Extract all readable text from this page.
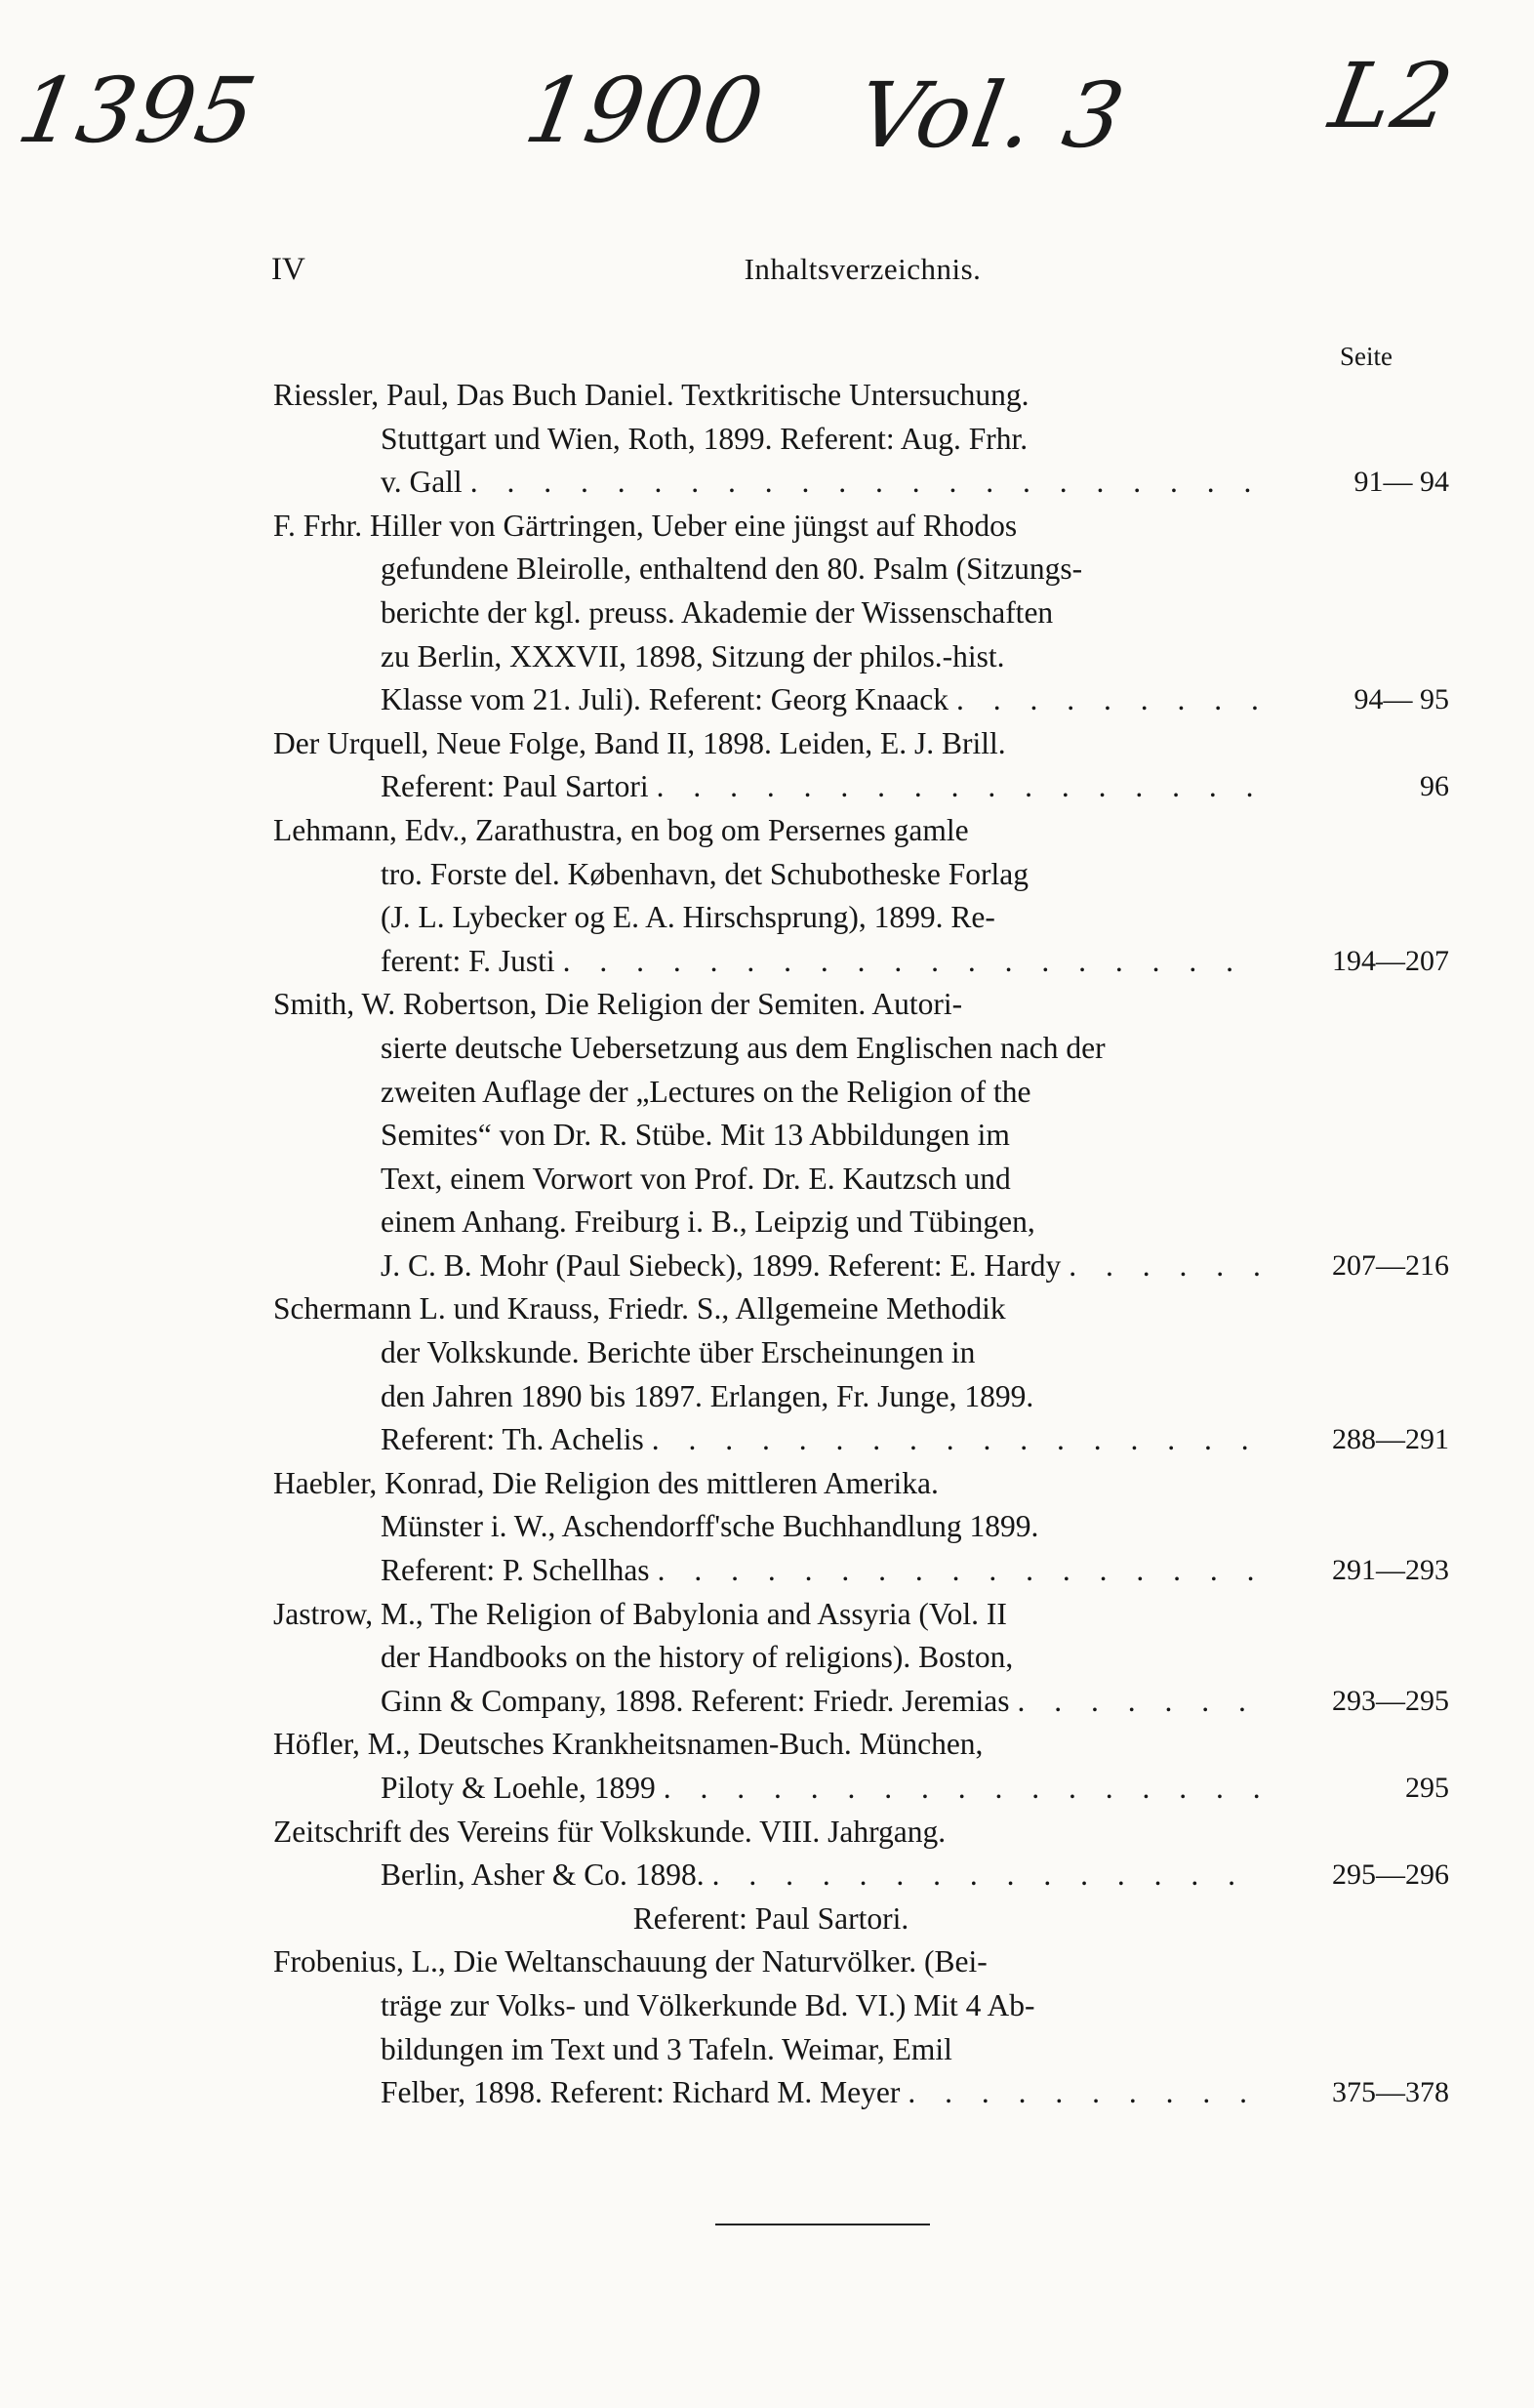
1395	1900 Vol. 3 L2
IV	Inhaltsverzeichnis.
Seite
Riessler, Paul, Das Buch Daniel. Textkritische Untersuchung.
Stuttgart und Wien, Roth, 1899. Referent: Aug. Frhr.
v. Gall . . .	91— 94
F. Frhr. Hiller von Gärtringen, Ueber eine jüngst auf Rhodos
gefundene Bleirolle, enthaltend den 80. Psalm (Sitzungs-
berichte der kgl. preuss. Akademie der Wissenschaften
zu Berlin, XXXVII, 1898, Sitzung der philos.-hist.
Klasse vom 21. Juli). Referent: Georg Knaack . . .	94— 95
Der Urquell, Neue Folge, Band II, 1898. Leiden, E. J. Brill.
Referent: Paul Sartori . . .	96
Lehmann, Edv., Zarathustra, en bog om Persernes gamle
tro. Forste del. København, det Schubotheske Forlag
(J. L. Lybecker og E. A. Hirschsprung), 1899. Re-
ferent: F. Justi . . .	194—207
Smith, W. Robertson, Die Religion der Semiten. Autori-
sierte deutsche Uebersetzung aus dem Englischen nach der
zweiten Auflage der „Lectures on the Religion of the
Semites“ von Dr. R. Stübe. Mit 13 Abbildungen im
Text, einem Vorwort von Prof. Dr. E. Kautzsch und
einem Anhang. Freiburg i. B., Leipzig und Tübingen,
J. C. B. Mohr (Paul Siebeck), 1899. Referent: E. Hardy . . .	207—216
Schermann L. und Krauss, Friedr. S., Allgemeine Methodik
der Volkskunde. Berichte über Erscheinungen in
den Jahren 1890 bis 1897. Erlangen, Fr. Junge, 1899.
Referent: Th. Achelis . . .	288—291
Haebler, Konrad, Die Religion des mittleren Amerika.
Münster i. W., Aschendorff'sche Buchhandlung 1899.
Referent: P. Schellhas . . .	291—293
Jastrow, M., The Religion of Babylonia and Assyria (Vol. II
der Handbooks on the history of religions). Boston,
Ginn & Company, 1898. Referent: Friedr. Jeremias . . .	293—295
Höfler, M., Deutsches Krankheitsnamen-Buch. München,
Piloty & Loehle, 1899 . . .	295
Zeitschrift des Vereins für Volkskunde. VIII. Jahrgang.
Berlin, Asher & Co. 1898. . . .	295—296
Referent: Paul Sartori.
Frobenius, L., Die Weltanschauung der Naturvölker. (Bei-
träge zur Volks- und Völkerkunde Bd. VI.) Mit 4 Ab-
bildungen im Text und 3 Tafeln. Weimar, Emil
Felber, 1898. Referent: Richard M. Meyer . . .	375—378
